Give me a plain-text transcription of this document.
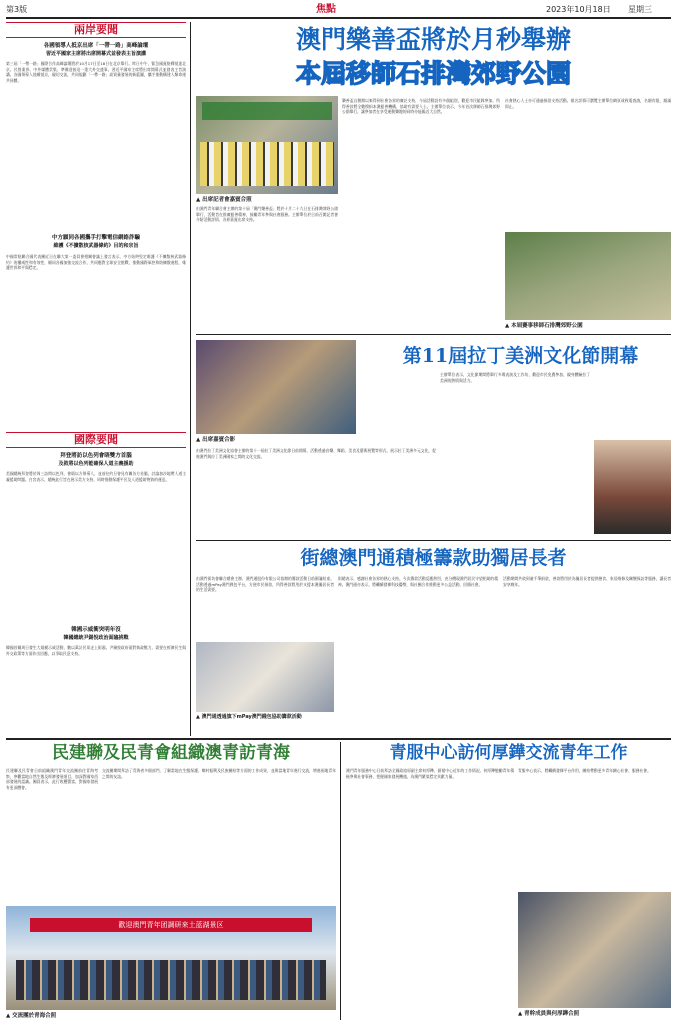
第3版	焦點	2023年10月18日 星期三
兩岸要聞
各國領導人抵京出席「一帶一路」高峰論壇
習近平國家主席將出席開幕式並發表主旨演講
第三屆「一帶一路」國際合作高峰論壇將於10月17日至18日在北京舉行。昨日中午，緊急國賓絡繹抵達北京。民營業界、中外媒體雲集，準備迎接這一重大外交盛事。習近平國家主席將出席開幕式並發表主旨演講。各國領導人陸續抵京，親切交流，共同規劃「一帶一路」高質量發展的新藍圖，攜手推動構建人類命運共同體。
中方願同各國攜手打擊電信網絡詐騙
維護《不擴散核武器條約》目的和宗旨
中國常駐聯合國代表團近日在聯大第一委員會相關會議上發言表示，中方始終堅定維護《不擴散核武器條約》的權威性和有效性，願同各國加強交流合作，共同應對全球安全挑戰，推動國際軍控和防擴散進程，維護世界和平與穩定。
國際要聞
拜登將訪以色列會晤雙方首腦
及敘將以色列能確保人道主義援助
美國總統拜登將於周三訪問以色列，會晤以方領導人，並前往約旦會見有關各方首腦，討論加沙地帶人道主義援助問題。白宮表示，總統此行旨在展示美方支持，同時推動保護平民及人道援助物資的運送。
韓國示威衝突明年沒
韓國總統尹錫悅政治面臨挑戰
韓國首爾周日發生大規模示威活動，數以萬計民眾走上街頭。尹錫悅政府面對執政壓力，需要在經濟民生與外交政策等方面作出回應，以爭取民意支持。
澳門樂善盃將於月秒舉辦
本屆移師石排灣郊野公園
▲ 出席記者會嘉賓合照
由澳門青年聯合會主辦的第十屆「澳門樂善盃」將於十月二十九日在石排灣郊野公園舉行，活動旨在推廣慈善精神，鼓勵青年參與社會服務。主辦單位於日前召開記者會介紹活動詳情，各界嘉賓出席支持。
樂善盃自創辦以來得到社會各界的廣泛支持，今屆活動設有多個組別，歡迎市民組隊參加。所得善款將全數撥捐本澳慈善機構，協助有需要人士。主辦單位表示，今年首次移師石排灣郊野公園舉行，讓參加者在享受運動樂趣的同時亦能親近大自然。
社會熱心人士亦可通過捐款支持活動。報名詳情可瀏覽主辦單位網頁或致電查詢，名額有限，額滿即止。
▲ 本屆賽事移師石排灣郊野公園
第11屆拉丁美洲文化節開幕
▲ 出席嘉賓合影
由澳門拉丁美洲文化協會主辦的第十一屆拉丁美洲文化節日前開幕，活動透過音樂、舞蹈、美食及藝術展覽等形式，展示拉丁美洲多元文化，促進澳門與拉丁美洲國家之間的文化交流。
主辦單位表示，文化節期間將舉行多場表演及工作坊，歡迎市民免費參加，親身體驗拉丁美洲的熱情與活力。
街總澳門通積極籌款助獨居長者
由澳門街坊會聯合總會主辦、澳門通股份有限公司協辦的籌款活動日前圓滿結束。活動透過mPay澳門錢包平台，方便市民捐款，所得善款將用於支援本澳獨居長者的生活需要。
街總表示，感謝社會各界的熱心支持。今次籌款活動反應熱烈，充分體現澳門居民守望相助的精神。澳門通亦表示，將繼續發揮科技優勢，與社團合作推動更多公益活動，回饋社會。
活動期間共收到逾千筆捐款，善款將用於為獨居長者提供膳食、家居維修及關懷探訪等服務，讓長者安享晚年。
▲ 澳門通透過旗下mPay澳門錢包協助籌款活動
民建聯及民青會組織澳青訪青海
民建聯及民青會日前組織澳門青年交流團前往青海考察，參觀當地自然生態及經濟發展項目，加深對國家西部發展的認識。團員表示，此行收穫豐富，對國家發展有更深體會。
交流團期間拜訪了青海省多個部門，了解當地在生態保護、鄉村振興及民族團結等方面的工作成果，並與當地青年進行交流，增進兩地青年之間的友誼。
歡迎澳門青年团調研來土蓝湖景区
▲ 交流團於青海合照
青服中心訪何厚鏵交流青年工作
澳門青年服務中心日前拜訪全國政協原副主席何厚鏵，匯報中心近年的工作情況。何厚鏵勉勵青年積極參與社會事務，把握國家發展機遇，為澳門繁榮穩定貢獻力量。
青服中心表示，將繼續發揮平台作用，團結帶動更多青年關心社會、服務社會。
▲ 青幹成員與何厚鏵合照
